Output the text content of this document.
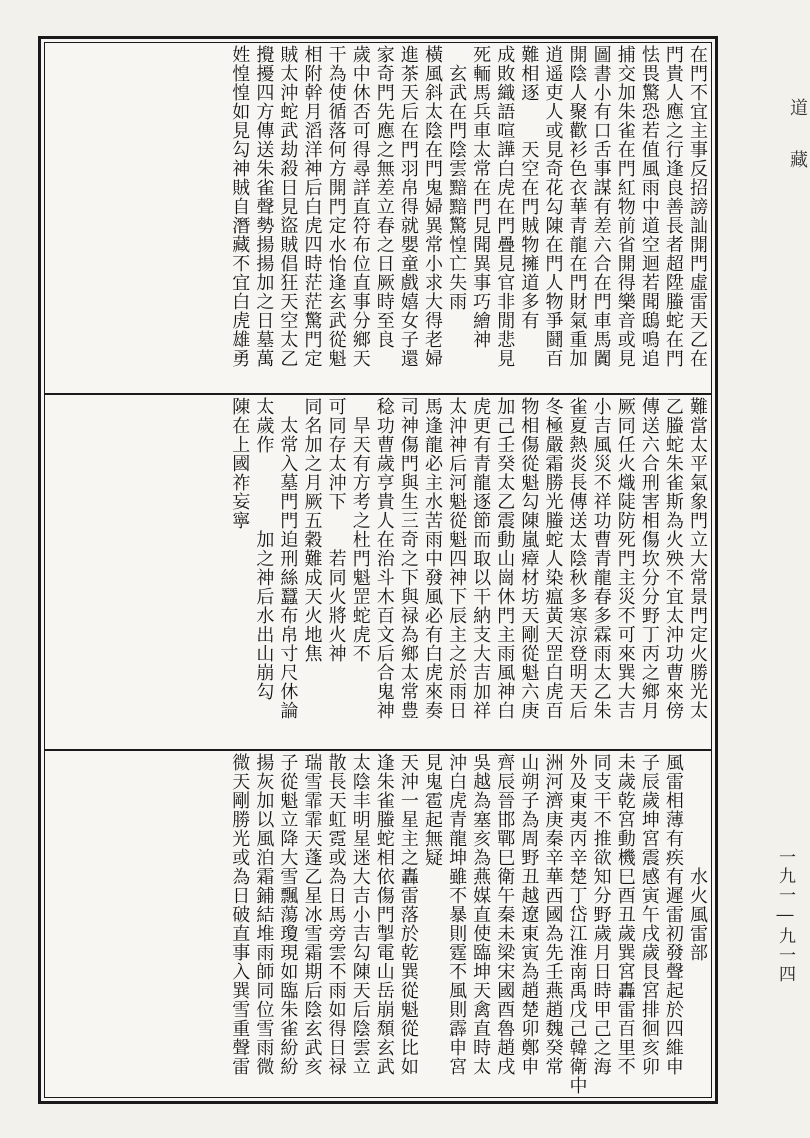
在門不宜主事反招謗訕開門虛雷天乙在
門貴人應之行逢良善長者超陞螣蛇在門
怯畏驚恐若值風雨中道空迴若聞鴟鳴追
捕交加朱雀在門紅物前省開得樂音或見
圖書小有口舌事謀有差六合在門車馬闐
開陰人聚歡衫色衣華青龍在門財氣重加
逍遥吏人或見奇花勾陳在門人物爭鬪百
難相逐　　天空在門賊物擁道多有
成敗織語喧譁白虎在門疊見官非閒悲見
死輀馬兵車太常在門見聞異事巧繪神
　玄武在門陰雲黯黯驚惶亡失雨
橫風斜太陰在門鬼婦異常小求大得老婦
進茶天后在門羽帛得就嬰童戲嬉女子還
家奇門先應之無差立春之日厥時至良
歲中休否可得尋詳直符布位直事分鄉天
干為使循落何方開門定水怡逢玄武從魁
相附幹月滔洋神后白虎四時茫茫驚門定
賊太沖蛇武劫殺日見盜賊倡狂天空太乙
攪擾四方傳送朱雀聲勢揚揚加之日墓萬
姓惶惶如見勾神賊自潛藏不宜白虎雄勇
難當太平氣象門立大常景門定火勝光太
乙螣蛇朱雀斯為火殃不宜太沖功曹來傍
傳送六合刑害相傷坎分分野丁丙之鄉月
厥同任火熾陡防死門主災不可來巽大吉
小吉風災不祥功曹青龍春多霖雨太乙朱
雀夏熱炎長傳送太陰秋多寒涼登明天后
冬極嚴霜勝光螣蛇人染瘟黃天罡白虎百
物相傷從魁勾陳嵐瘴材坊天剛從魁六庚
加己壬癸太乙震動山崗休門主雨風神白
虎更有青龍逐節而取以干納支大吉加祥
太沖神后河魁從魁四神下辰主之於雨日
馬逢龍必主水苦雨中發風必有白虎來奏
司神傷門與生三奇之下與禄為鄉太常豊
稔功曹歲亨貴人在治斗木百文后合鬼神
　旱天有方考之杜門魁罡蛇虎不
可同存太沖下　　若同火將火神
同名加之月厥五穀難成天火地焦
　太常入墓門門迫刑絲蠶布帛寸尺休論
太歲作　　　　加之神后水出山崩勾
陳在上國祚妄寧
　　　　　　水火風雷部
風雷相薄有疾有遲雷初發聲起於四維申
子辰歲坤宮震感寅午戌歲艮宮排徊亥卯
未歲乾宮動機巳酉丑歲巽宮轟雷百里不
同支干不推欲知分野歲月日時甲己之海
外及東夷丙辛楚丁岱江淮南禹戊己韓衛中
洲河濟庚秦辛華西國為先壬燕趙魏癸常
山朔子為周野丑越遼東寅為趙楚卯鄭申
齊辰晉邯鄲巳衛午秦未梁宋國酉魯趙戌
吳越為塞亥為燕媒直使臨坤天禽直時太
沖白虎青龍坤雖不暴則霆不風則霹申宮
見鬼雹起無疑
天沖一星主之轟雷落於乾巽從魁從比如
逢朱雀螣蛇相依傷門掣電山岳崩頹玄武
太陰丰明星迷大吉小吉勾陳天后陰雲立
散長天虹霓或為日馬旁雲不雨如得日禄
瑞雪霏霏天蓬乙星冰雪霜期后陰玄武亥
子從魁立降大雪飄蕩瓊現如臨朱雀紛紛
揚灰加以風泊霜鋪結堆雨師同位雪雨微
微天剛勝光或為日破直事入巽雪重聲雷
道
藏
一九一―九一四
